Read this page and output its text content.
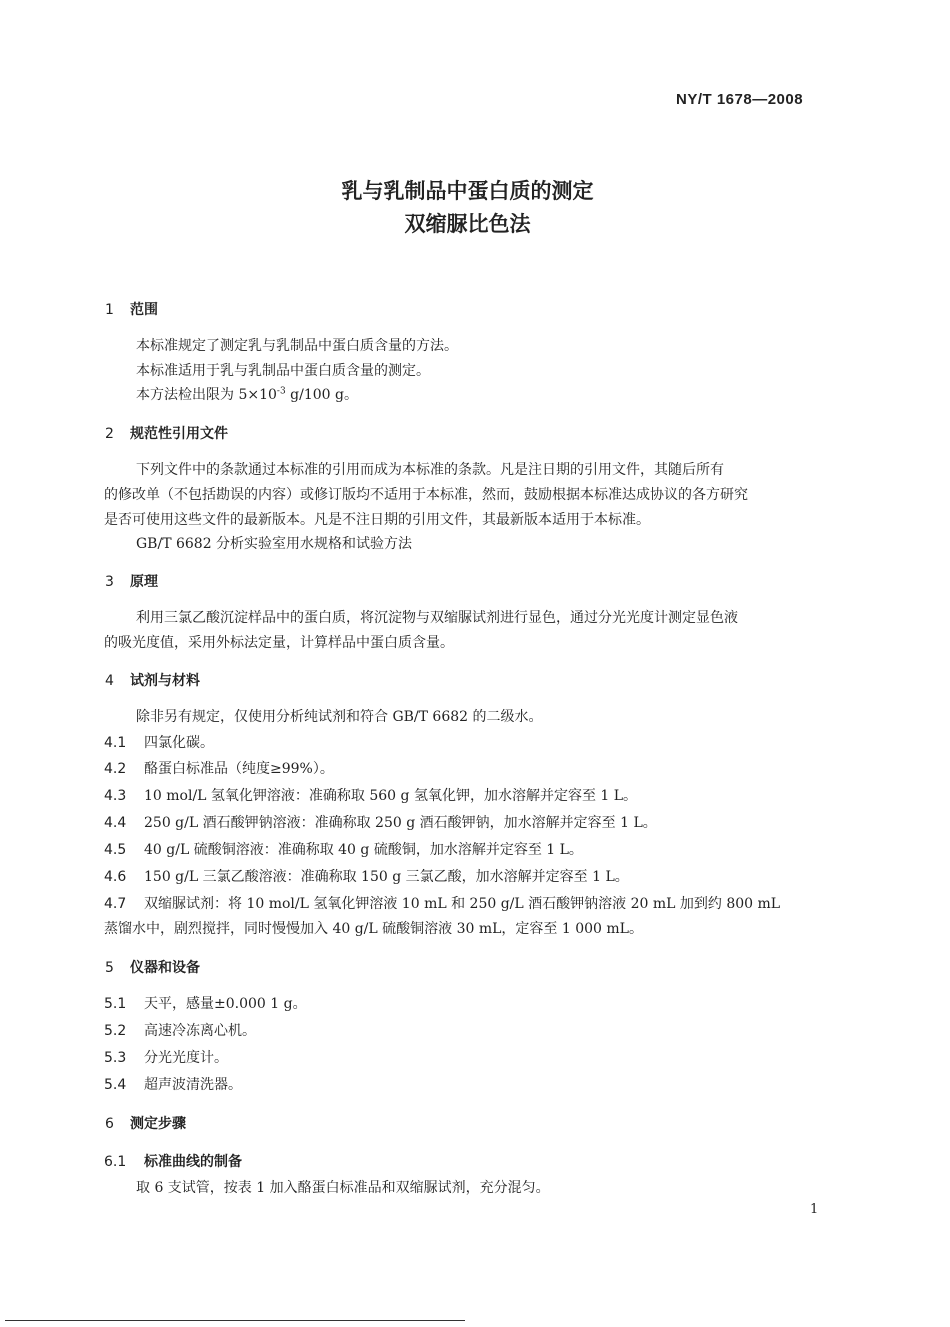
NY/T 1678—2008
乳与乳制品中蛋白质的测定
双缩脲比色法
1 范围
本标准规定了测定乳与乳制品中蛋白质含量的方法。
本标准适用于乳与乳制品中蛋白质含量的测定。
本方法检出限为 $5\times 10^{-3}$ g/100 g。
2 规范性引用文件
下列文件中的条款通过本标准的引用而成为本标准的条款。凡是注日期的引用文件，其随后所有
的修改单（不包括勘误的内容）或修订版均不适用于本标准，然而，鼓励根据本标准达成协议的各方研究
是否可使用这些文件的最新版本。凡是不注日期的引用文件，其最新版本适用于本标准。
GB/T 6682 分析实验室用水规格和试验方法
3 原理
利用三氯乙酸沉淀样品中的蛋白质，将沉淀物与双缩脲试剂进行显色，通过分光光度计测定显色液
的吸光度值，采用外标法定量，计算样品中蛋白质含量。
4 试剂与材料
除非另有规定，仅使用分析纯试剂和符合 GB/T 6682 的二级水。
4.1 四氯化碳。
4.2 酪蛋白标准品（纯度≥99%）。
4.3 10 mol/L 氢氧化钾溶液：准确称取 560 g 氢氧化钾，加水溶解并定容至 1 L。
4.4 250 g/L 酒石酸钾钠溶液：准确称取 250 g 酒石酸钾钠，加水溶解并定容至 1 L。
4.5 40 g/L 硫酸铜溶液：准确称取 40 g 硫酸铜，加水溶解并定容至 1 L。
4.6 150 g/L 三氯乙酸溶液：准确称取 150 g 三氯乙酸，加水溶解并定容至 1 L。
4.7 双缩脲试剂：将 10 mol/L 氢氧化钾溶液 10 mL 和 250 g/L 酒石酸钾钠溶液 20 mL 加到约 800 mL
蒸馏水中，剧烈搅拌，同时慢慢加入 40 g/L 硫酸铜溶液 30 mL，定容至 1 000 mL。
5 仪器和设备
5.1 天平，感量±0.000 1 g。
5.2 高速冷冻离心机。
5.3 分光光度计。
5.4 超声波清洗器。
6 测定步骤
6.1 标准曲线的制备
取 6 支试管，按表 1 加入酪蛋白标准品和双缩脲试剂，充分混匀。
1
